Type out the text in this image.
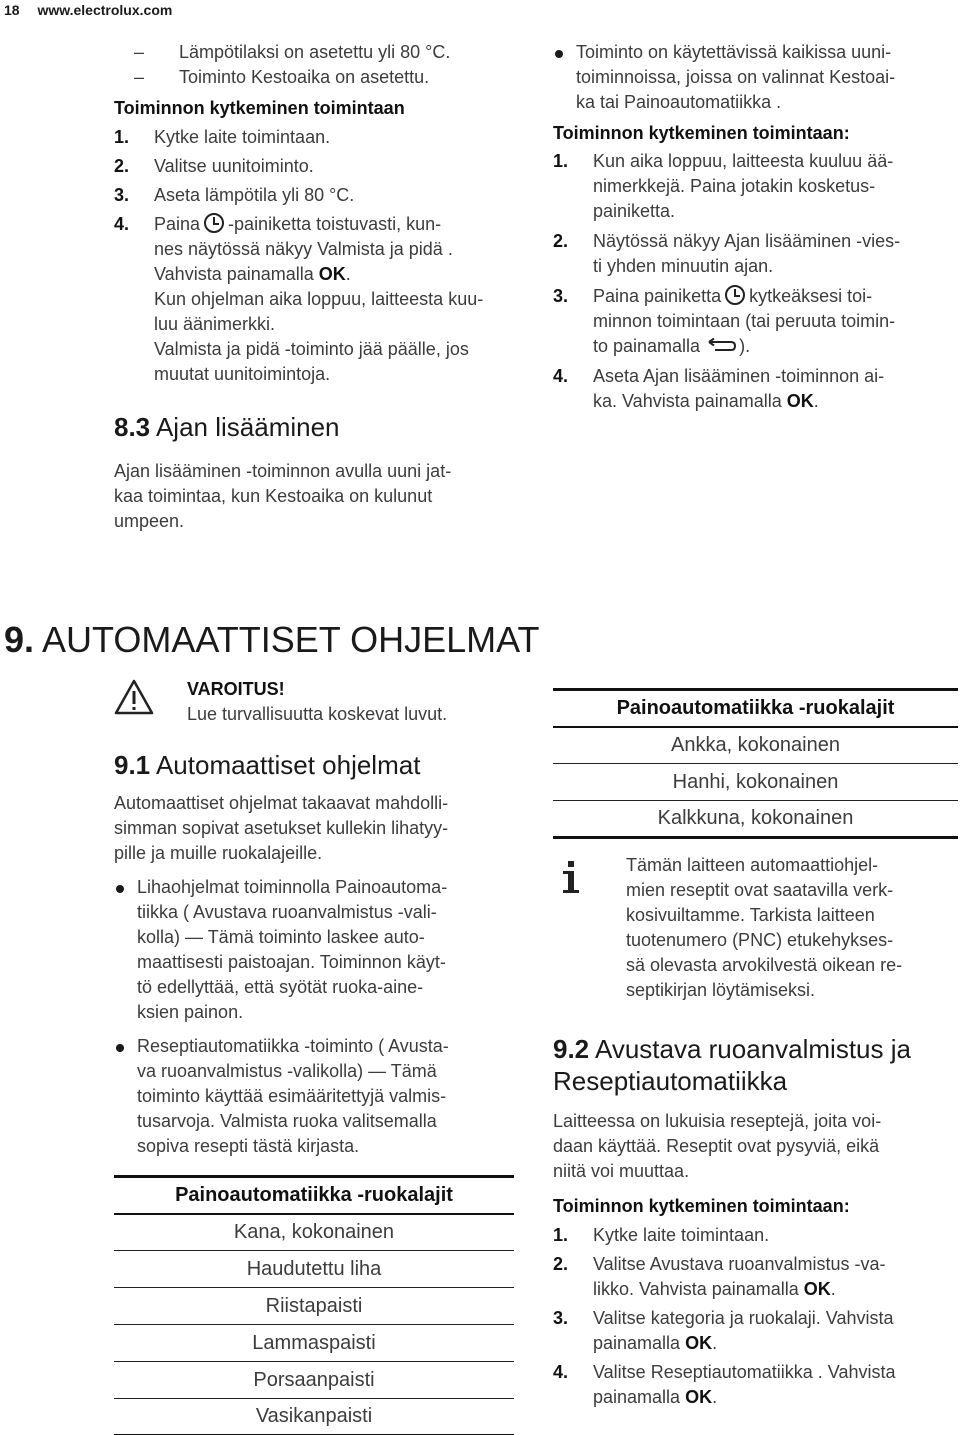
18 www.electrolux.com
– Lämpötilaksi on asetettu yli 80 °C.
– Toiminto Kestoaika on asetettu.
Toiminnon kytkeminen toimintaan
1. Kytke laite toimintaan.
2. Valitse uunitoiminto.
3. Aseta lämpötila yli 80 °C.
4. Paina -painiketta toistuvasti, kun-
nes näytössä näkyy Valmista ja pidä .
Vahvista painamalla OK.
Kun ohjelman aika loppuu, laitteesta kuu-
luu äänimerkki.
Valmista ja pidä -toiminto jää päälle, jos
muutat uunitoimintoja.
8.3 Ajan lisääminen
Ajan lisääminen -toiminnon avulla uuni jat-
kaa toimintaa, kun Kestoaika on kulunut
umpeen.
Toiminto on käytettävissä kaikissa uuni-
toiminnoissa, joissa on valinnat Kestoai-
ka tai Painoautomatiikka .
Toiminnon kytkeminen toimintaan:
1. Kun aika loppuu, laitteesta kuuluu ää-
nimerkkejä. Paina jotakin kosketus-
painiketta.
2. Näytössä näkyy Ajan lisääminen -vies-
ti yhden minuutin ajan.
3. Paina painiketta kytkeäksesi toi-
minnon toimintaan (tai peruuta toimin-
to painamalla ).
4. Aseta Ajan lisääminen -toiminnon ai-
ka. Vahvista painamalla OK.
9. AUTOMAATTISET OHJELMAT
VAROITUS!
Lue turvallisuutta koskevat luvut.
9.1 Automaattiset ohjelmat
Automaattiset ohjelmat takaavat mahdolli-
simman sopivat asetukset kullekin lihatyy-
pille ja muille ruokalajeille.
Lihaohjelmat toiminnolla Painoautoma-
tiikka ( Avustava ruoanvalmistus -vali-
kolla) — Tämä toiminto laskee auto-
maattisesti paistoajan. Toiminnon käyt-
tö edellyttää, että syötät ruoka-aine-
ksien painon.
Reseptiautomatiikka -toiminto ( Avusta-
va ruoanvalmistus -valikolla) — Tämä
toiminto käyttää esimääritettyjä valmis-
tusarvoja. Valmista ruoka valitsemalla
sopiva resepti tästä kirjasta.
Painoautomatiikka -ruokalajit
Kana, kokonainen
Haudutettu liha
Riistapaisti
Lammaspaisti
Porsaanpaisti
Vasikanpaisti
Painoautomatiikka -ruokalajit
Ankka, kokonainen
Hanhi, kokonainen
Kalkkuna, kokonainen
Tämän laitteen automaattiohjel-
mien reseptit ovat saatavilla verk-
kosivuiltamme. Tarkista laitteen
tuotenumero (PNC) etukehykses-
sä olevasta arvokilvestä oikean re-
septikirjan löytämiseksi.
9.2 Avustava ruoanvalmistus ja
Reseptiautomatiikka
Laitteessa on lukuisia reseptejä, joita voi-
daan käyttää. Reseptit ovat pysyviä, eikä
niitä voi muuttaa.
Toiminnon kytkeminen toimintaan:
1. Kytke laite toimintaan.
2. Valitse Avustava ruoanvalmistus -va-
likko. Vahvista painamalla OK.
3. Valitse kategoria ja ruokalaji. Vahvista
painamalla OK.
4. Valitse Reseptiautomatiikka . Vahvista
painamalla OK.
